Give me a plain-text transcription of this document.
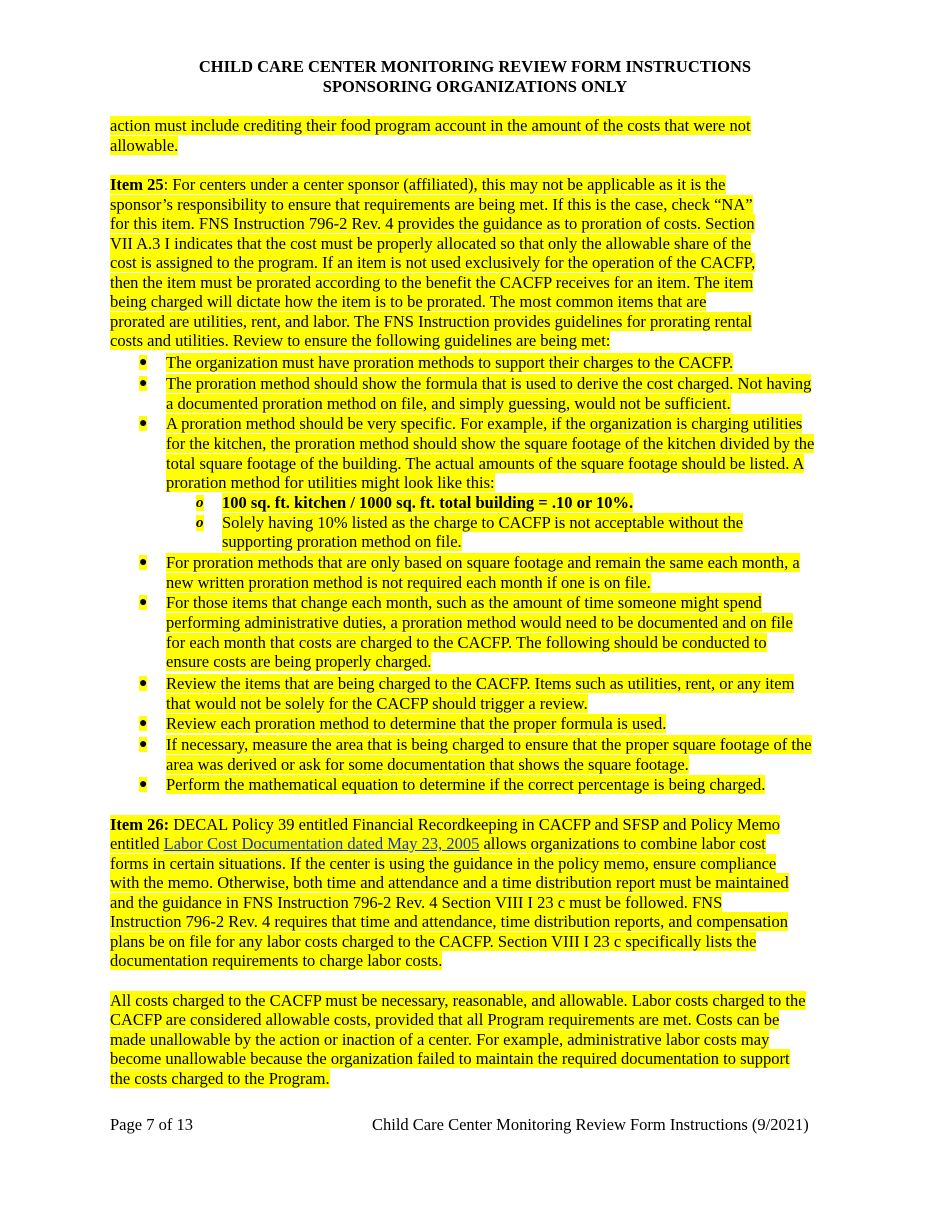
CHILD CARE CENTER MONITORING REVIEW FORM INSTRUCTIONS
SPONSORING ORGANIZATIONS ONLY
action must include crediting their food program account in the amount of the costs that were not
allowable.
Item 25: For centers under a center sponsor (affiliated), this may not be applicable as it is the
sponsor’s responsibility to ensure that requirements are being met. If this is the case, check “NA”
for this item. FNS Instruction 796-2 Rev. 4 provides the guidance as to proration of costs. Section
VII A.3 I indicates that the cost must be properly allocated so that only the allowable share of the
cost is assigned to the program. If an item is not used exclusively for the operation of the CACFP,
then the item must be prorated according to the benefit the CACFP receives for an item. The item
being charged will dictate how the item is to be prorated. The most common items that are
prorated are utilities, rent, and labor. The FNS Instruction provides guidelines for prorating rental
costs and utilities. Review to ensure the following guidelines are being met:
● The organization must have proration methods to support their charges to the CACFP.
● The proration method should show the formula that is used to derive the cost charged. Not having
a documented proration method on file, and simply guessing, would not be sufficient.
● A proration method should be very specific. For example, if the organization is charging utilities
for the kitchen, the proration method should show the square footage of the kitchen divided by the
total square footage of the building. The actual amounts of the square footage should be listed. A
proration method for utilities might look like this:
o 100 sq. ft. kitchen / 1000 sq. ft. total building = .10 or 10%.
o Solely having 10% listed as the charge to CACFP is not acceptable without the
supporting proration method on file.
● For proration methods that are only based on square footage and remain the same each month, a
new written proration method is not required each month if one is on file.
● For those items that change each month, such as the amount of time someone might spend
performing administrative duties, a proration method would need to be documented and on file
for each month that costs are charged to the CACFP. The following should be conducted to
ensure costs are being properly charged.
● Review the items that are being charged to the CACFP. Items such as utilities, rent, or any item
that would not be solely for the CACFP should trigger a review.
● Review each proration method to determine that the proper formula is used.
● If necessary, measure the area that is being charged to ensure that the proper square footage of the
area was derived or ask for some documentation that shows the square footage.
● Perform the mathematical equation to determine if the correct percentage is being charged.
Item 26: DECAL Policy 39 entitled Financial Recordkeeping in CACFP and SFSP and Policy Memo
entitled Labor Cost Documentation dated May 23, 2005 allows organizations to combine labor cost
forms in certain situations. If the center is using the guidance in the policy memo, ensure compliance
with the memo. Otherwise, both time and attendance and a time distribution report must be maintained
and the guidance in FNS Instruction 796-2 Rev. 4 Section VIII I 23 c must be followed. FNS
Instruction 796-2 Rev. 4 requires that time and attendance, time distribution reports, and compensation
plans be on file for any labor costs charged to the CACFP. Section VIII I 23 c specifically lists the
documentation requirements to charge labor costs.
All costs charged to the CACFP must be necessary, reasonable, and allowable. Labor costs charged to the
CACFP are considered allowable costs, provided that all Program requirements are met. Costs can be
made unallowable by the action or inaction of a center. For example, administrative labor costs may
become unallowable because the organization failed to maintain the required documentation to support
the costs charged to the Program.
Page 7 of 13	Child Care Center Monitoring Review Form Instructions (9/2021)
